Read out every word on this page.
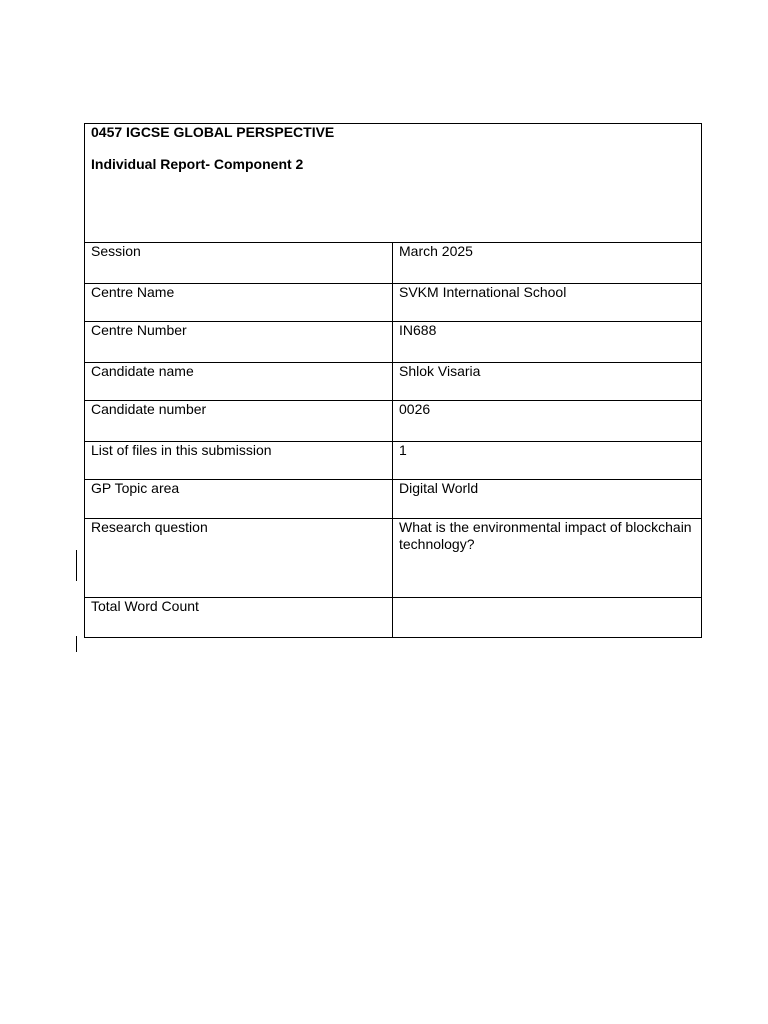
0457 IGCSE GLOBAL PERSPECTIVE
Individual Report- Component 2	

Session	March 2025

Centre Name	SVKM International School

Centre Number	IN688

Candidate name	Shlok Visaria

Candidate number	0026

List of files in this submission	1

GP Topic area	Digital World

Research question	What is the environmental impact of blockchain technology?

Total Word Count	
